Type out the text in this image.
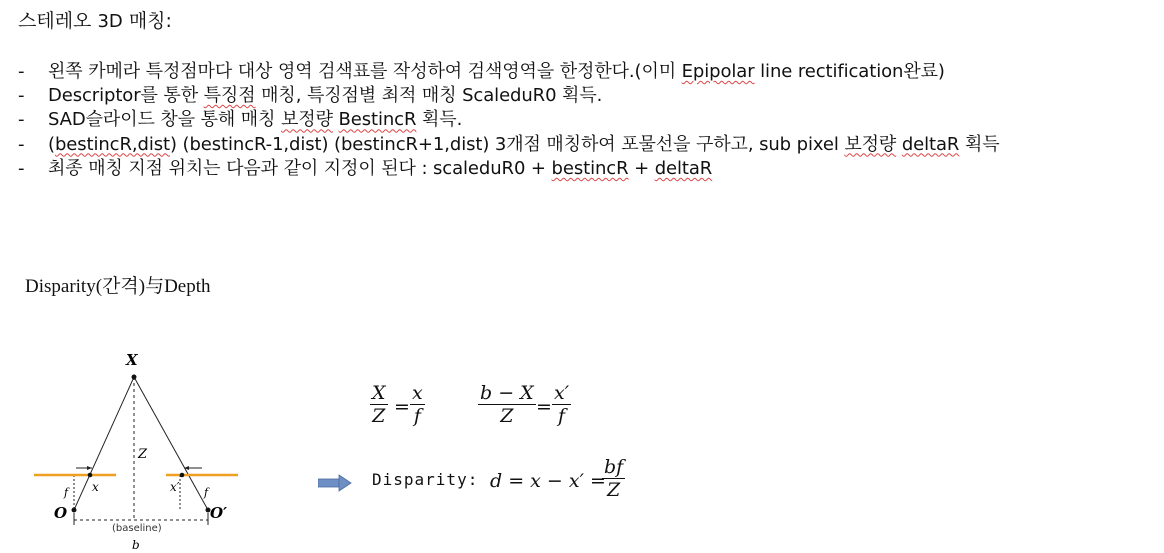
스테레오 3D 매칭:
- 왼쪽 카메라 특정점마다 대상 영역 검색표를 작성하여 검색영역을 한정한다.(이미 Epipolar line rectification완료)
- Descriptor를 통한 특징점 매칭, 특징점별 최적 매칭 ScaleduR0 획득.
- SAD슬라이드 창을 통해 매칭 보정량 BestincR 획득.
- (bestincR,dist) (bestincR-1,dist) (bestincR+1,dist) 3개점 매칭하여 포물선을 구하고, sub pixel 보정량 deltaR 획득
- 최종 매칭 지점 위치는 다음과 같이 지정이 된다 : scaleduR0 + bestincR + deltaR
Disparity(간격)与Depth
X
Z
f	f
x	x′
O	O′
(baseline)
b
X
Z =
x
f
b − X
Z =
x′
f
Disparity: d = x − x′ =
bf
Z
